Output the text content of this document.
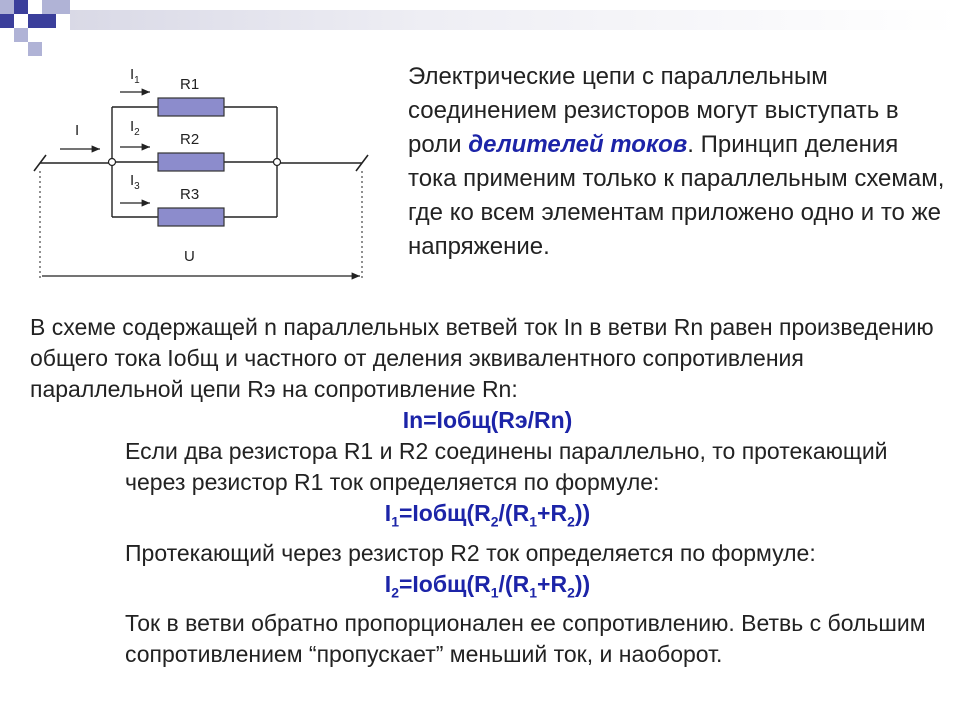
R1
R2
R3
I
$I_1$
$I_2$
$I_3$
U
Электрические цепи с параллельным соединением резисторов могут выступать в роли делителей токов. Принцип деления тока применим только к параллельным схемам, где ко всем элементам приложено одно и то же напряжение.

В схеме содержащей n параллельных ветвей ток In в ветви Rn равен произведению общего тока Iобщ и частного от деления эквивалентного сопротивления параллельной цепи Rэ на сопротивление Rn:

In=Iобщ(Rэ/Rn)

Если два резистора R1 и R2 соединены параллельно, то протекающий через резистор R1 ток определяется по формуле:

$I_1=Iобщ(R_2/(R_1+R_2))$

Протекающий через резистор R2 ток определяется по формуле:

$I_2=Iобщ(R_1/(R_1+R_2))$

Ток в ветви обратно пропорционален ее сопротивлению. Ветвь с большим сопротивлением “пропускает” меньший ток, и наоборот.
